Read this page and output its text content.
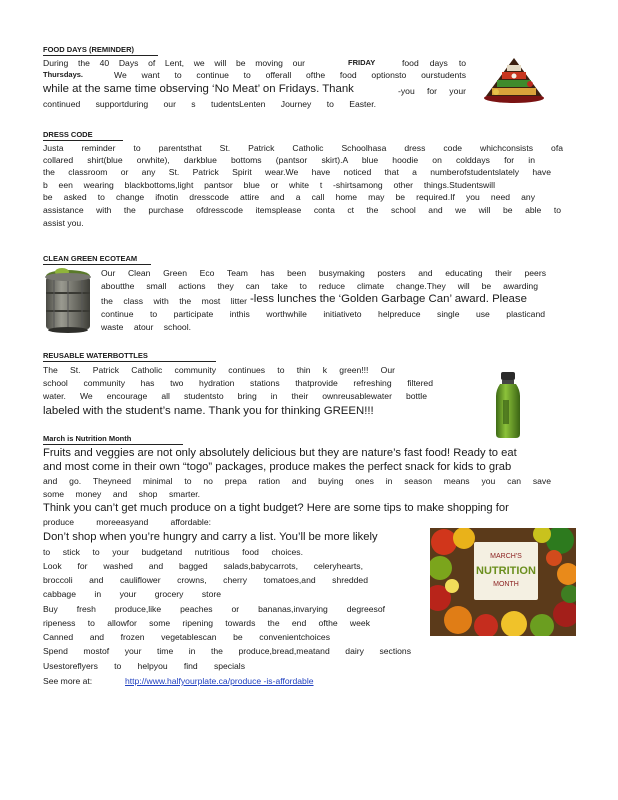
FOOD DAYS (REMINDER)
During the 40 Days of Lent, we will be moving our	FRIDAY	food days to
Thursdays.	We want to continue to offerall ofthe food optionsto ourstudents
while at the same time observing ‘No Meat’ on Fridays. Thank	-you for your
continued supportduring our s tudentsLenten Journey to Easter.
DRESS CODE
Justa reminder to parentsthat St. Patrick Catholic Schoolhasa dress code whichconsists ofa
collared shirt(blue orwhite), darkblue bottoms (pantsor skirt).A blue hoodie on colddays for in
the classroom or any St. Patrick Spirit wear.We have noticed that a numberofstudentslately have
b een wearing blackbottoms,light pantsor blue or white t -shirtsamong other things.Studentswill
be asked to change ifnotin dresscode attire and a call home may be required.If you need any
assistance with the purchase ofdresscode itemsplease conta ct the school and we will be able to
assist you.
CLEAN GREEN ECOTEAM
Our Clean Green Eco Team has been busymaking posters and educating their peers
aboutthe small actions they can take to reduce climate change.They will be awarding
the class with the most litter -less lunches the ‘Golden Garbage Can’ award. Please
continue to participate inthis worthwhile initiativeto helpreduce single use plasticand
waste atour school.
REUSABLE WATERBOTTLES
The St. Patrick Catholic community continues to thin k green!!! Our
school community has two hydration stations thatprovide refreshing filtered
water. We encourage all studentsto bring in their ownreusablewater bottle
labeled with the student’s name. Thank you for thinking GREEN!!!
March is Nutrition Month
Fruits and veggies are not only absolutely delicious but they are nature’s fast food! Ready to eat
and most come in their own “togo” packages, produce makes the perfect snack for kids to grab
and go. Theyneed minimal to no prepa ration and buying ones in season means you can save
some money and shop smarter.
Think you can’t get much produce on a tight budget? Here are some tips to make shopping for
produce moreeasyand affordable:
Don’t shop when you’re hungry and carry a list. You’ll be more likely
to stick to your budgetand nutritious food choices.
Look for washed and bagged salads,babycarrots, celeryhearts,
broccoli and cauliflower crowns, cherry tomatoes,and shredded
cabbage in your grocery store
Buy fresh produce,like peaches or bananas,invarying degreesof
ripeness to allowfor some ripening towards the end ofthe week
Canned and frozen vegetablescan be convenientchoices
Spend mostof your time in the produce,bread,meatand dairy sections
Usestoreflyers to helpyou find specials
See more at:	http://www.halfyourplate.ca/produce -is-affordable
MARCH'S
NUTRITION
MONTH
